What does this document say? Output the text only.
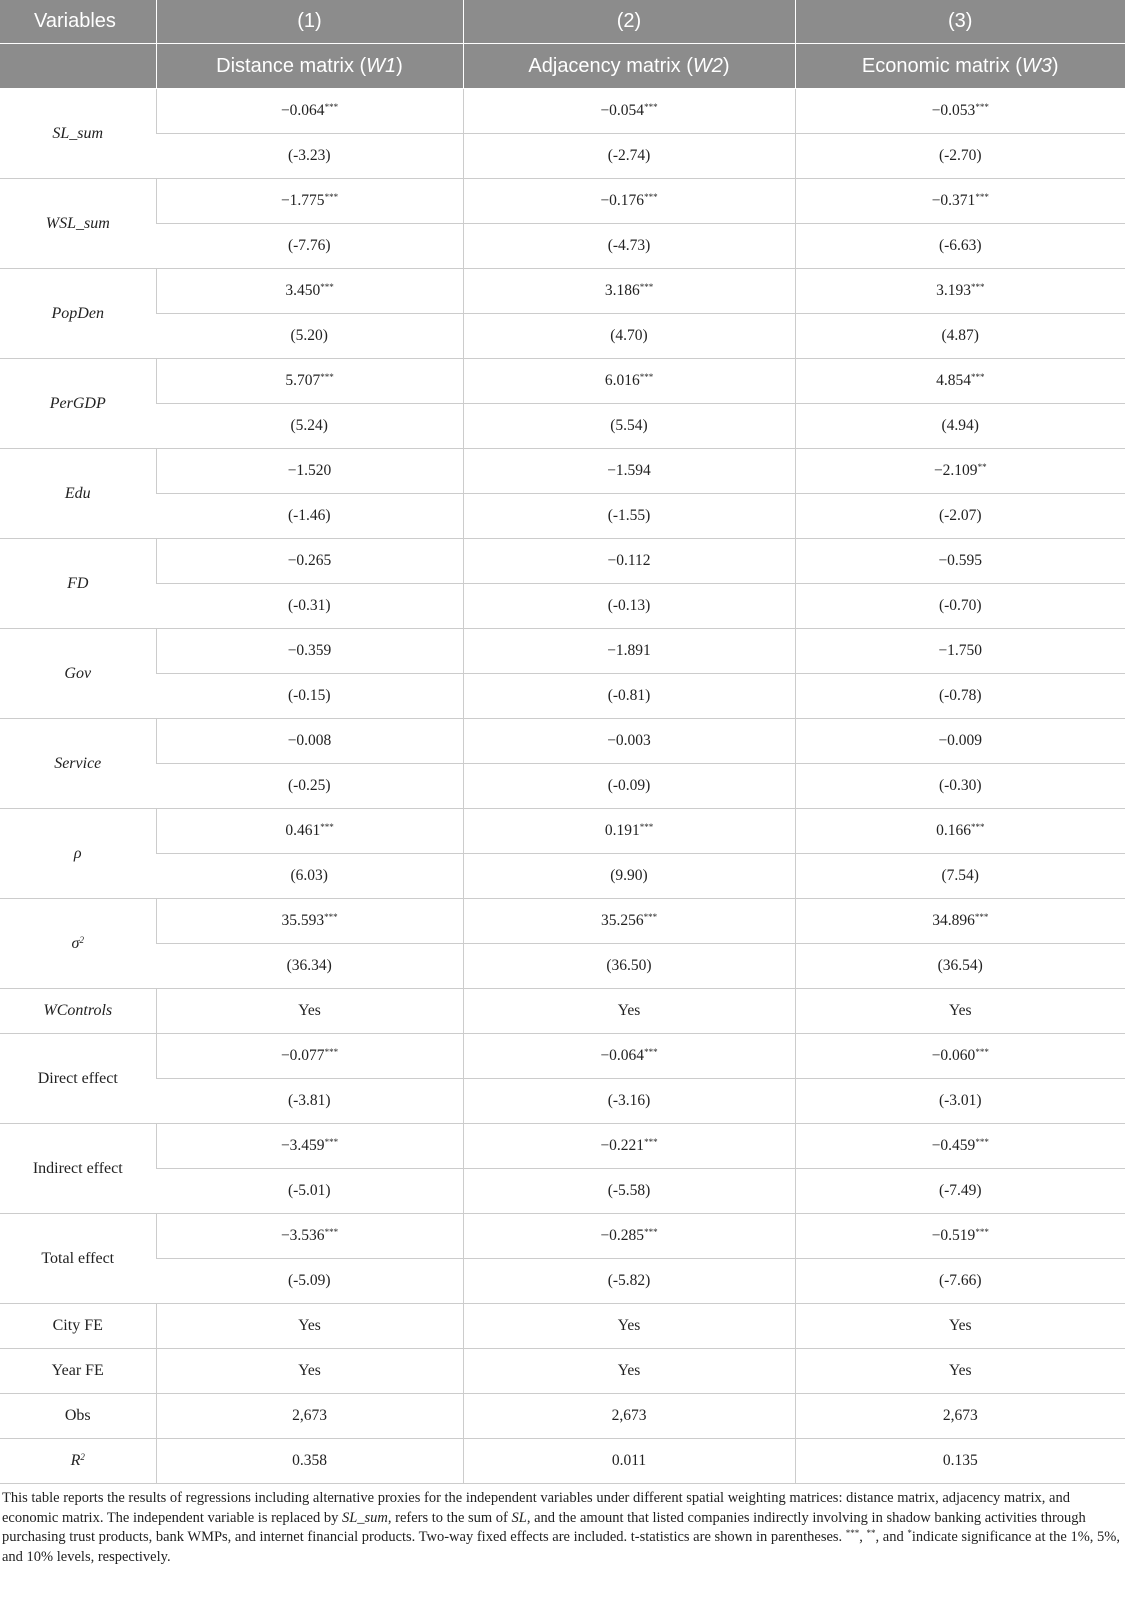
Variables	(1)	(2)	(3)
	Distance matrix (W1)	Adjacency matrix (W2)	Economic matrix (W3)
SL_sum	−0.064***	−0.054***	−0.053***
	(-3.23)	(-2.74)	(-2.70)
WSL_sum	−1.775***	−0.176***	−0.371***
	(-7.76)	(-4.73)	(-6.63)
PopDen	3.450***	3.186***	3.193***
	(5.20)	(4.70)	(4.87)
PerGDP	5.707***	6.016***	4.854***
	(5.24)	(5.54)	(4.94)
Edu	−1.520	−1.594	−2.109**
	(-1.46)	(-1.55)	(-2.07)
FD	−0.265	−0.112	−0.595
	(-0.31)	(-0.13)	(-0.70)
Gov	−0.359	−1.891	−1.750
	(-0.15)	(-0.81)	(-0.78)
Service	−0.008	−0.003	−0.009
	(-0.25)	(-0.09)	(-0.30)
ρ	0.461***	0.191***	0.166***
	(6.03)	(9.90)	(7.54)
$\sigma^2$	35.593***	35.256***	34.896***
	(36.34)	(36.50)	(36.54)
WControls	Yes	Yes	Yes
Direct effect	−0.077***	−0.064***	−0.060***
	(-3.81)	(-3.16)	(-3.01)
Indirect effect	−3.459***	−0.221***	−0.459***
	(-5.01)	(-5.58)	(-7.49)
Total effect	−3.536***	−0.285***	−0.519***
	(-5.09)	(-5.82)	(-7.66)
City FE	Yes	Yes	Yes
Year FE	Yes	Yes	Yes
Obs	2,673	2,673	2,673
$R^2$	0.358	0.011	0.135

This table reports the results of regressions including alternative proxies for the independent variables under different spatial weighting matrices: distance matrix, adjacency matrix, and economic matrix. The independent variable is replaced by SL_sum, refers to the sum of SL, and the amount that listed companies indirectly involving in shadow banking activities through purchasing trust products, bank WMPs, and internet financial products. Two-way fixed effects are included. t-statistics are shown in parentheses. ***, **, and *indicate significance at the 1%, 5%, and 10% levels, respectively.
